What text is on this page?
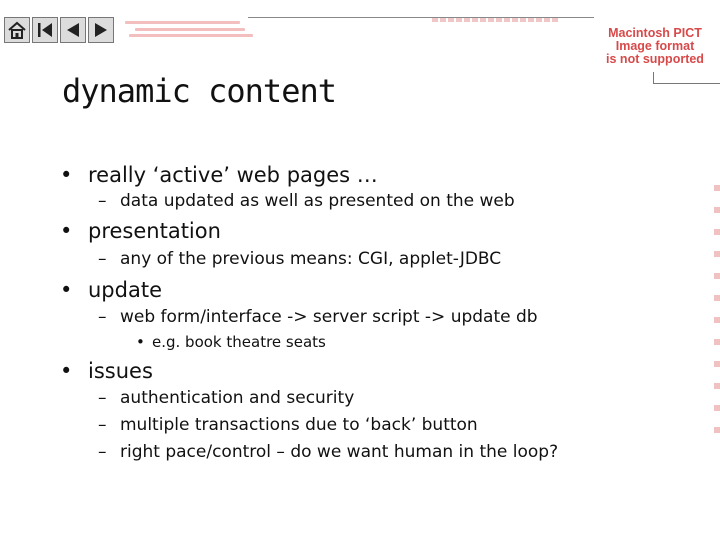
Macintosh PICT
Image format
is not supported
dynamic content
• really ‘active’ web pages …
– data updated as well as presented on the web
• presentation
– any of the previous means: CGI, applet-JDBC
• update
– web form/interface -> server script -> update db
• e.g. book theatre seats
• issues
– authentication and security
– multiple transactions due to ‘back’ button
– right pace/control – do we want human in the loop?
